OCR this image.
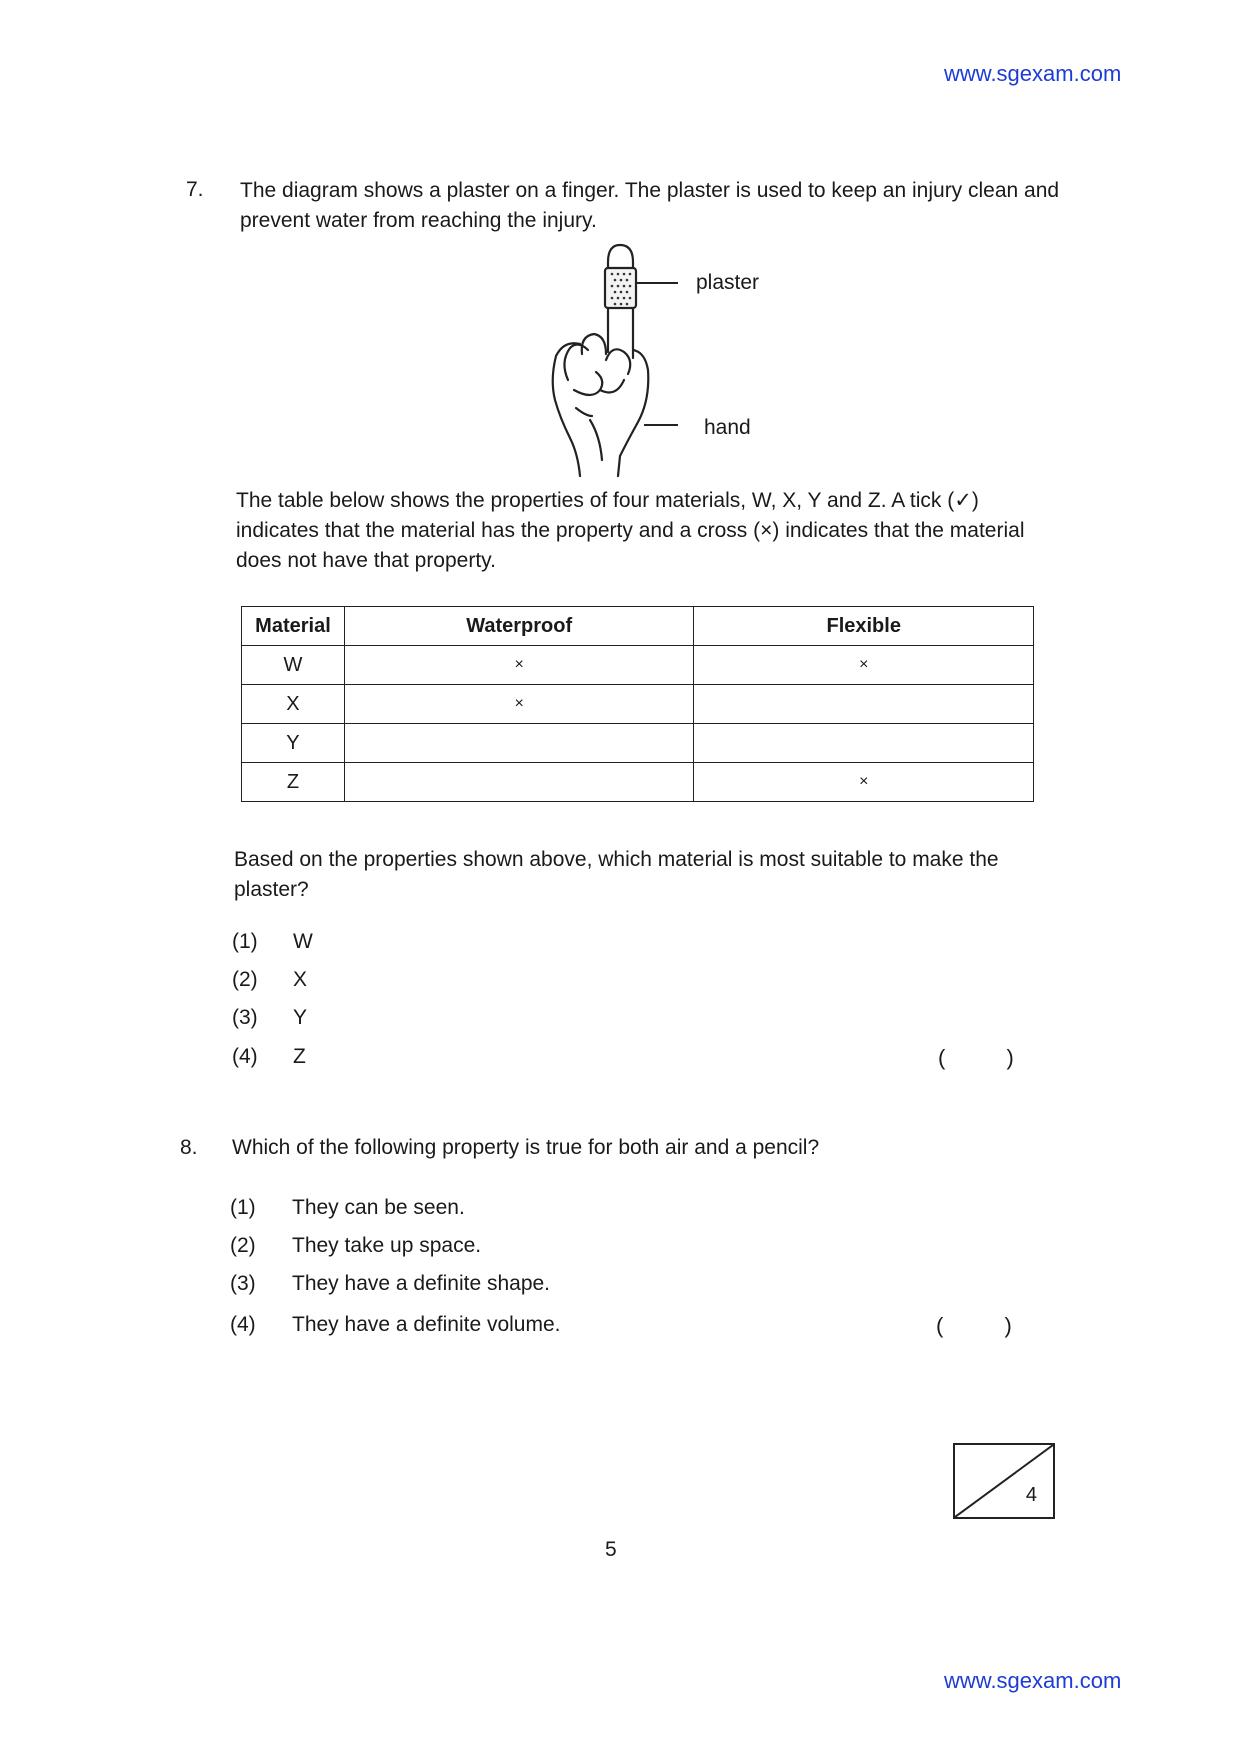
www.sgexam.com
7. The diagram shows a plaster on a finger. The plaster is used to keep an injury clean and prevent water from reaching the injury.
plaster
hand
The table below shows the properties of four materials, W, X, Y and Z. A tick (✓) indicates that the material has the property and a cross (×) indicates that the material does not have that property.
Material	Waterproof	Flexible
W	×	×
X	×	
Y		
Z		×
Based on the properties shown above, which material is most suitable to make the plaster?
(1) W
(2) X
(3) Y
(4) Z	(          )
8. Which of the following property is true for both air and a pencil?
(1) They can be seen.
(2) They take up space.
(3) They have a definite shape.
(4) They have a definite volume.	(          )
4
5
www.sgexam.com
